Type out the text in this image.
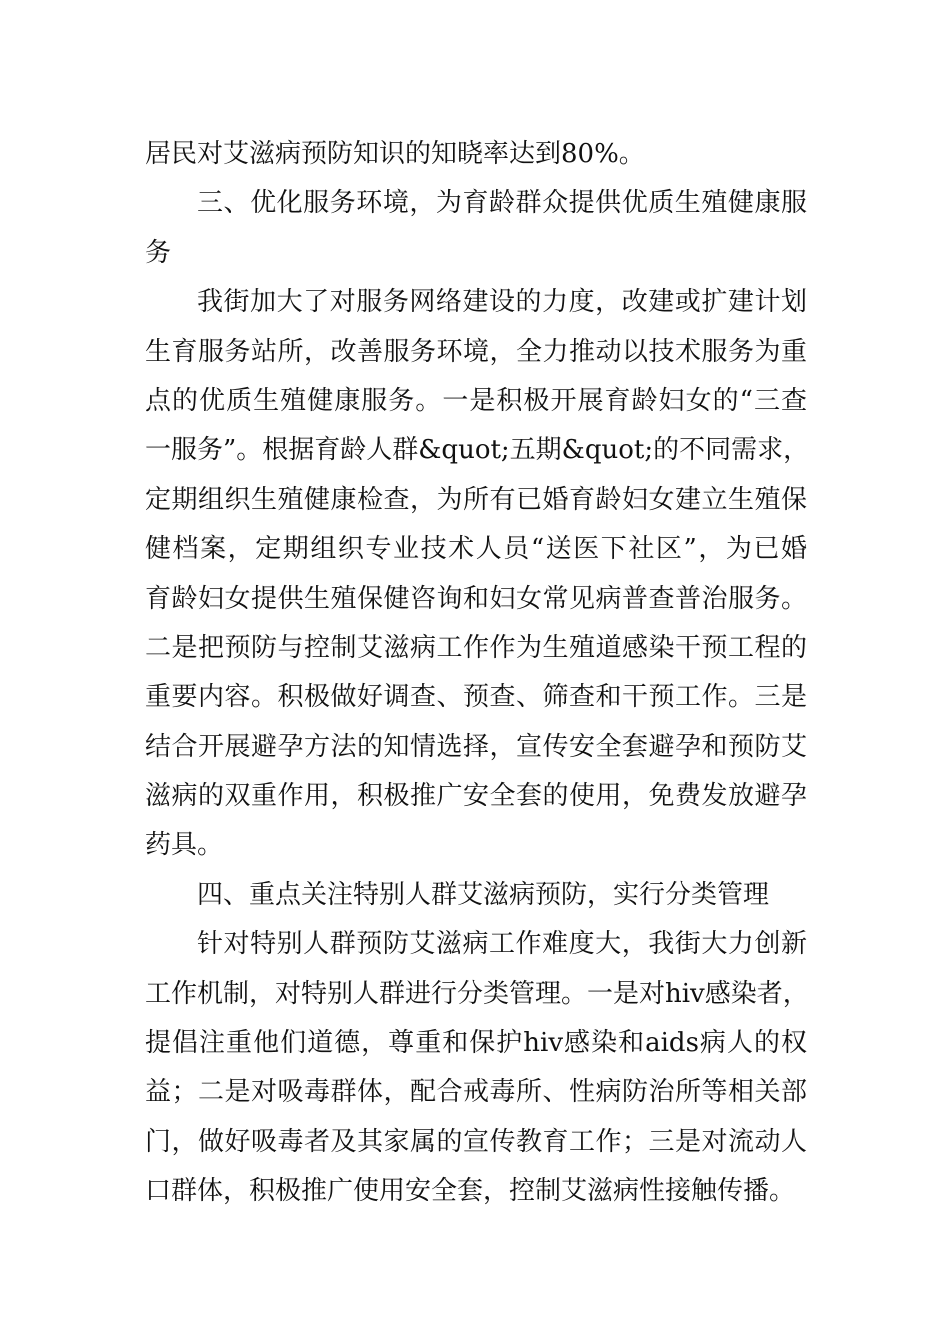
居民对艾滋病预防知识的知晓率达到80%。
三、优化服务环境，为育龄群众提供优质生殖健康服
务
我街加大了对服务网络建设的力度，改建或扩建计划
生育服务站所，改善服务环境，全力推动以技术服务为重
点的优质生殖健康服务。一是积极开展育龄妇女的“三查
一服务”。根据育龄人群&quot;五期&quot;的不同需求，
定期组织生殖健康检查，为所有已婚育龄妇女建立生殖保
健档案，定期组织专业技术人员“送医下社区”，为已婚
育龄妇女提供生殖保健咨询和妇女常见病普查普治服务。
二是把预防与控制艾滋病工作作为生殖道感染干预工程的
重要内容。积极做好调查、预查、筛查和干预工作。三是
结合开展避孕方法的知情选择，宣传安全套避孕和预防艾
滋病的双重作用，积极推广安全套的使用，免费发放避孕
药具。
四、重点关注特别人群艾滋病预防，实行分类管理
针对特别人群预防艾滋病工作难度大，我街大力创新
工作机制，对特别人群进行分类管理。一是对hiv感染者，
提倡注重他们道德，尊重和保护hiv感染和aids病人的权
益；二是对吸毒群体，配合戒毒所、性病防治所等相关部
门，做好吸毒者及其家属的宣传教育工作；三是对流动人
口群体，积极推广使用安全套，控制艾滋病性接触传播。
